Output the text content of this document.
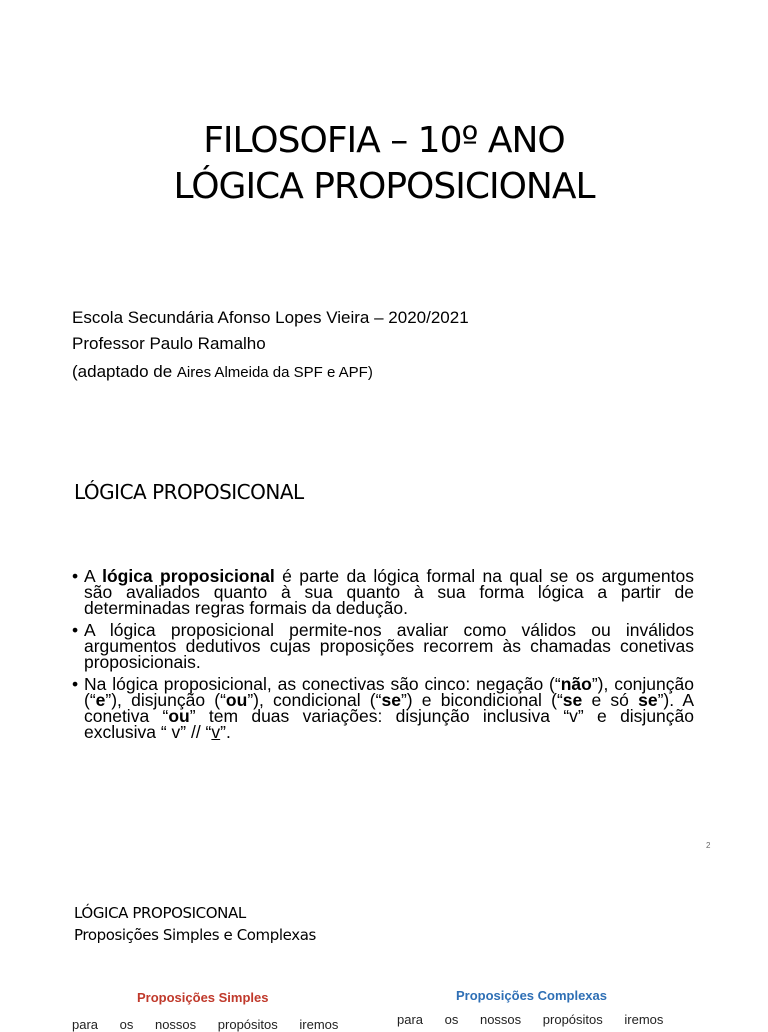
FILOSOFIA – 10º ANO
LÓGICA PROPOSICIONAL
Escola Secundária Afonso Lopes Vieira – 2020/2021
Professor Paulo Ramalho
(adaptado de Aires Almeida da SPF e APF)
LÓGICA PROPOSICONAL

• A lógica proposicional é parte da lógica formal na qual se os argumentos são avaliados quanto à sua quanto à sua forma lógica a partir de determinadas regras formais da dedução.

• A lógica proposicional permite-nos avaliar como válidos ou inválidos argumentos dedutivos cujas proposições recorrem às chamadas conetivas proposicionais.

• Na lógica proposicional, as conectivas são cinco: negação (“não”), conjunção (“e”), disjunção (“ou”), condicional (“se”) e bicondicional (“se e só se”). A conetiva “ou” tem duas variações: disjunção inclusiva “v” e disjunção exclusiva “ v” // “v”.

2
LÓGICA PROPOSICONAL
Proposições Simples e Complexas
Proposições Simples
para os nossos propósitos iremos
Proposições Complexas
para os nossos propósitos iremos
